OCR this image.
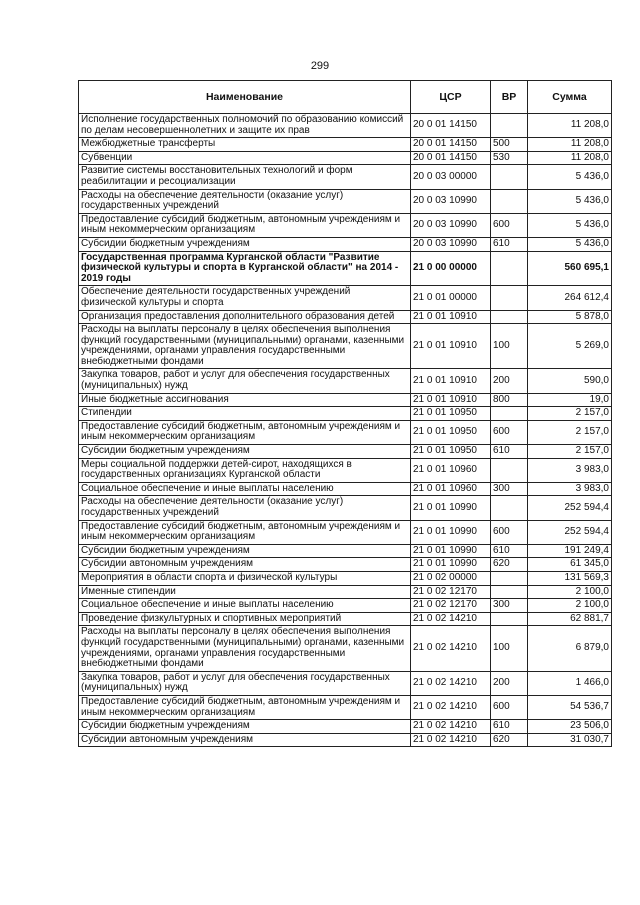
299
Наименование	ЦСР	ВР	Сумма
Исполнение государственных полномочий по образованию комиссий по делам несовершеннолетних и защите их прав	20 0 01 14150		11 208,0
Межбюджетные трансферты	20 0 01 14150	500	11 208,0
Субвенции	20 0 01 14150	530	11 208,0
Развитие системы восстановительных технологий и форм реабилитации и ресоциализации	20 0 03 00000		5 436,0
Расходы на обеспечение деятельности (оказание услуг) государственных учреждений	20 0 03 10990		5 436,0
Предоставление субсидий бюджетным, автономным учреждениям и иным некоммерческим организациям	20 0 03 10990	600	5 436,0
Субсидии бюджетным учреждениям	20 0 03 10990	610	5 436,0
Государственная программа Курганской области "Развитие физической культуры и спорта в Курганской области" на 2014 - 2019 годы	21 0 00 00000		560 695,1
Обеспечение деятельности государственных учреждений физической культуры и спорта	21 0 01 00000		264 612,4
Организация предоставления дополнительного образования детей	21 0 01 10910		5 878,0
Расходы на выплаты персоналу в целях обеспечения выполнения функций государственными (муниципальными) органами, казенными учреждениями, органами управления государственными внебюджетными фондами	21 0 01 10910	100	5 269,0
Закупка товаров, работ и услуг для обеспечения государственных (муниципальных) нужд	21 0 01 10910	200	590,0
Иные бюджетные ассигнования	21 0 01 10910	800	19,0
Стипендии	21 0 01 10950		2 157,0
Предоставление субсидий бюджетным, автономным учреждениям и иным некоммерческим организациям	21 0 01 10950	600	2 157,0
Субсидии бюджетным учреждениям	21 0 01 10950	610	2 157,0
Меры социальной поддержки детей-сирот, находящихся в государственных организациях Курганской области	21 0 01 10960		3 983,0
Социальное обеспечение и иные выплаты населению	21 0 01 10960	300	3 983,0
Расходы на обеспечение деятельности (оказание услуг) государственных учреждений	21 0 01 10990		252 594,4
Предоставление субсидий бюджетным, автономным учреждениям и иным некоммерческим организациям	21 0 01 10990	600	252 594,4
Субсидии бюджетным учреждениям	21 0 01 10990	610	191 249,4
Субсидии автономным учреждениям	21 0 01 10990	620	61 345,0
Мероприятия в области спорта и физической культуры	21 0 02 00000		131 569,3
Именные стипендии	21 0 02 12170		2 100,0
Социальное обеспечение и иные выплаты населению	21 0 02 12170	300	2 100,0
Проведение физкультурных и спортивных мероприятий	21 0 02 14210		62 881,7
Расходы на выплаты персоналу в целях обеспечения выполнения функций государственными (муниципальными) органами, казенными учреждениями, органами управления государственными внебюджетными фондами	21 0 02 14210	100	6 879,0
Закупка товаров, работ и услуг для обеспечения государственных (муниципальных) нужд	21 0 02 14210	200	1 466,0
Предоставление субсидий бюджетным, автономным учреждениям и иным некоммерческим организациям	21 0 02 14210	600	54 536,7
Субсидии бюджетным учреждениям	21 0 02 14210	610	23 506,0
Субсидии автономным учреждениям	21 0 02 14210	620	31 030,7
